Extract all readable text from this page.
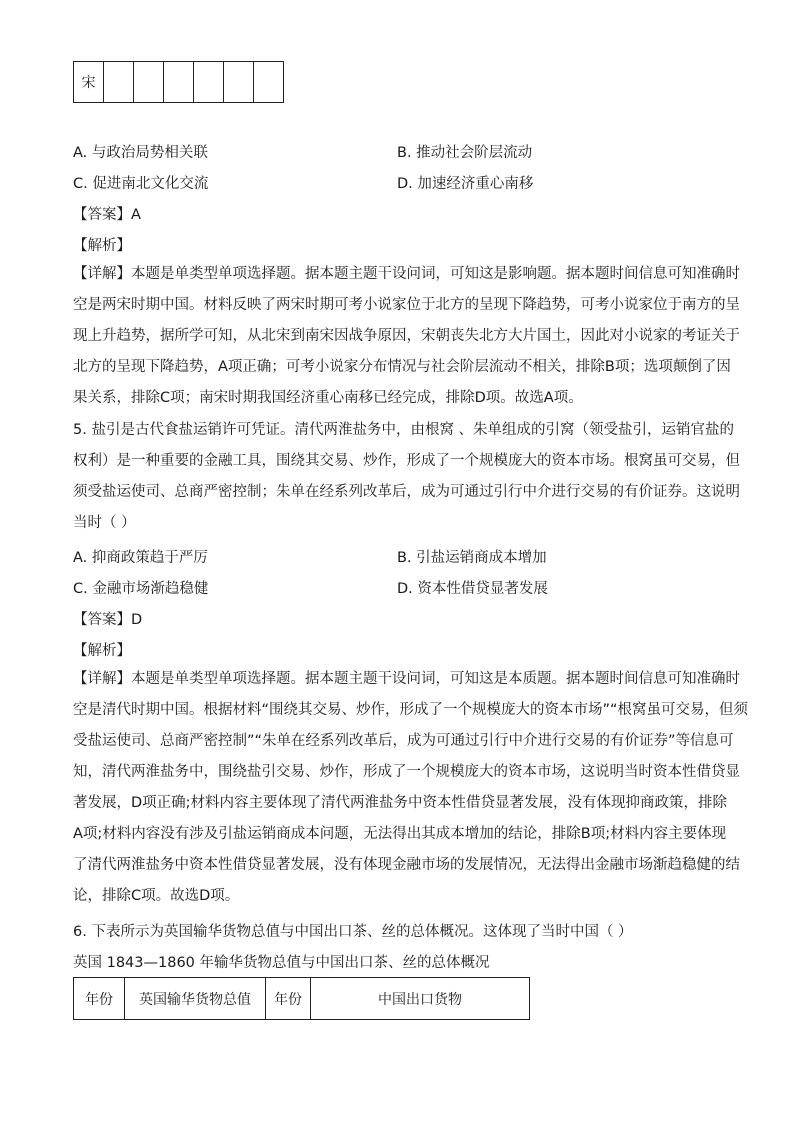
宋						
A. 与政治局势相关联	B. 推动社会阶层流动
C. 促进南北文化交流	D. 加速经济重心南移
【答案】A
【解析】
【详解】本题是单类型单项选择题。据本题主题干设问词，可知这是影响题。据本题时间信息可知准确时
空是两宋时期中国。材料反映了两宋时期可考小说家位于北方的呈现下降趋势，可考小说家位于南方的呈
现上升趋势，据所学可知，从北宋到南宋因战争原因，宋朝丧失北方大片国土，因此对小说家的考证关于
北方的呈现下降趋势，A项正确；可考小说家分布情况与社会阶层流动不相关，排除B项；选项颠倒了因
果关系，排除C项；南宋时期我国经济重心南移已经完成，排除D项。故选A项。
5. 盐引是古代食盐运销许可凭证。清代两淮盐务中，由根窝 、朱单组成的引窝（领受盐引，运销官盐的
权利）是一种重要的金融工具，围绕其交易、炒作，形成了一个规模庞大的资本市场。根窝虽可交易，但
须受盐运使司、总商严密控制；朱单在经系列改革后，成为可通过引行中介进行交易的有价证券。这说明
当时（ ）
A. 抑商政策趋于严厉	B. 引盐运销商成本增加
C. 金融市场渐趋稳健	D. 资本性借贷显著发展
【答案】D
【解析】
【详解】本题是单类型单项选择题。据本题主题干设问词，可知这是本质题。据本题时间信息可知准确时
空是清代时期中国。根据材料“围绕其交易、炒作，形成了一个规模庞大的资本市场”“根窝虽可交易，但须
受盐运使司、总商严密控制”“朱单在经系列改革后，成为可通过引行中介进行交易的有价证券”等信息可
知，清代两淮盐务中，围绕盐引交易、炒作，形成了一个规模庞大的资本市场，这说明当时资本性借贷显
著发展，D项正确;材料内容主要体现了清代两淮盐务中资本性借贷显著发展，没有体现抑商政策，排除
A项;材料内容没有涉及引盐运销商成本问题，无法得出其成本增加的结论，排除B项;材料内容主要体现
了清代两淮盐务中资本性借贷显著发展，没有体现金融市场的发展情况，无法得出金融市场渐趋稳健的结
论，排除C项。故选D项。
6. 下表所示为英国输华货物总值与中国出口茶、丝的总体概况。这体现了当时中国（ ）
英国 1843—1860 年输华货物总值与中国出口茶、丝的总体概况
年份	英国输华货物总值	年份	中国出口货物
